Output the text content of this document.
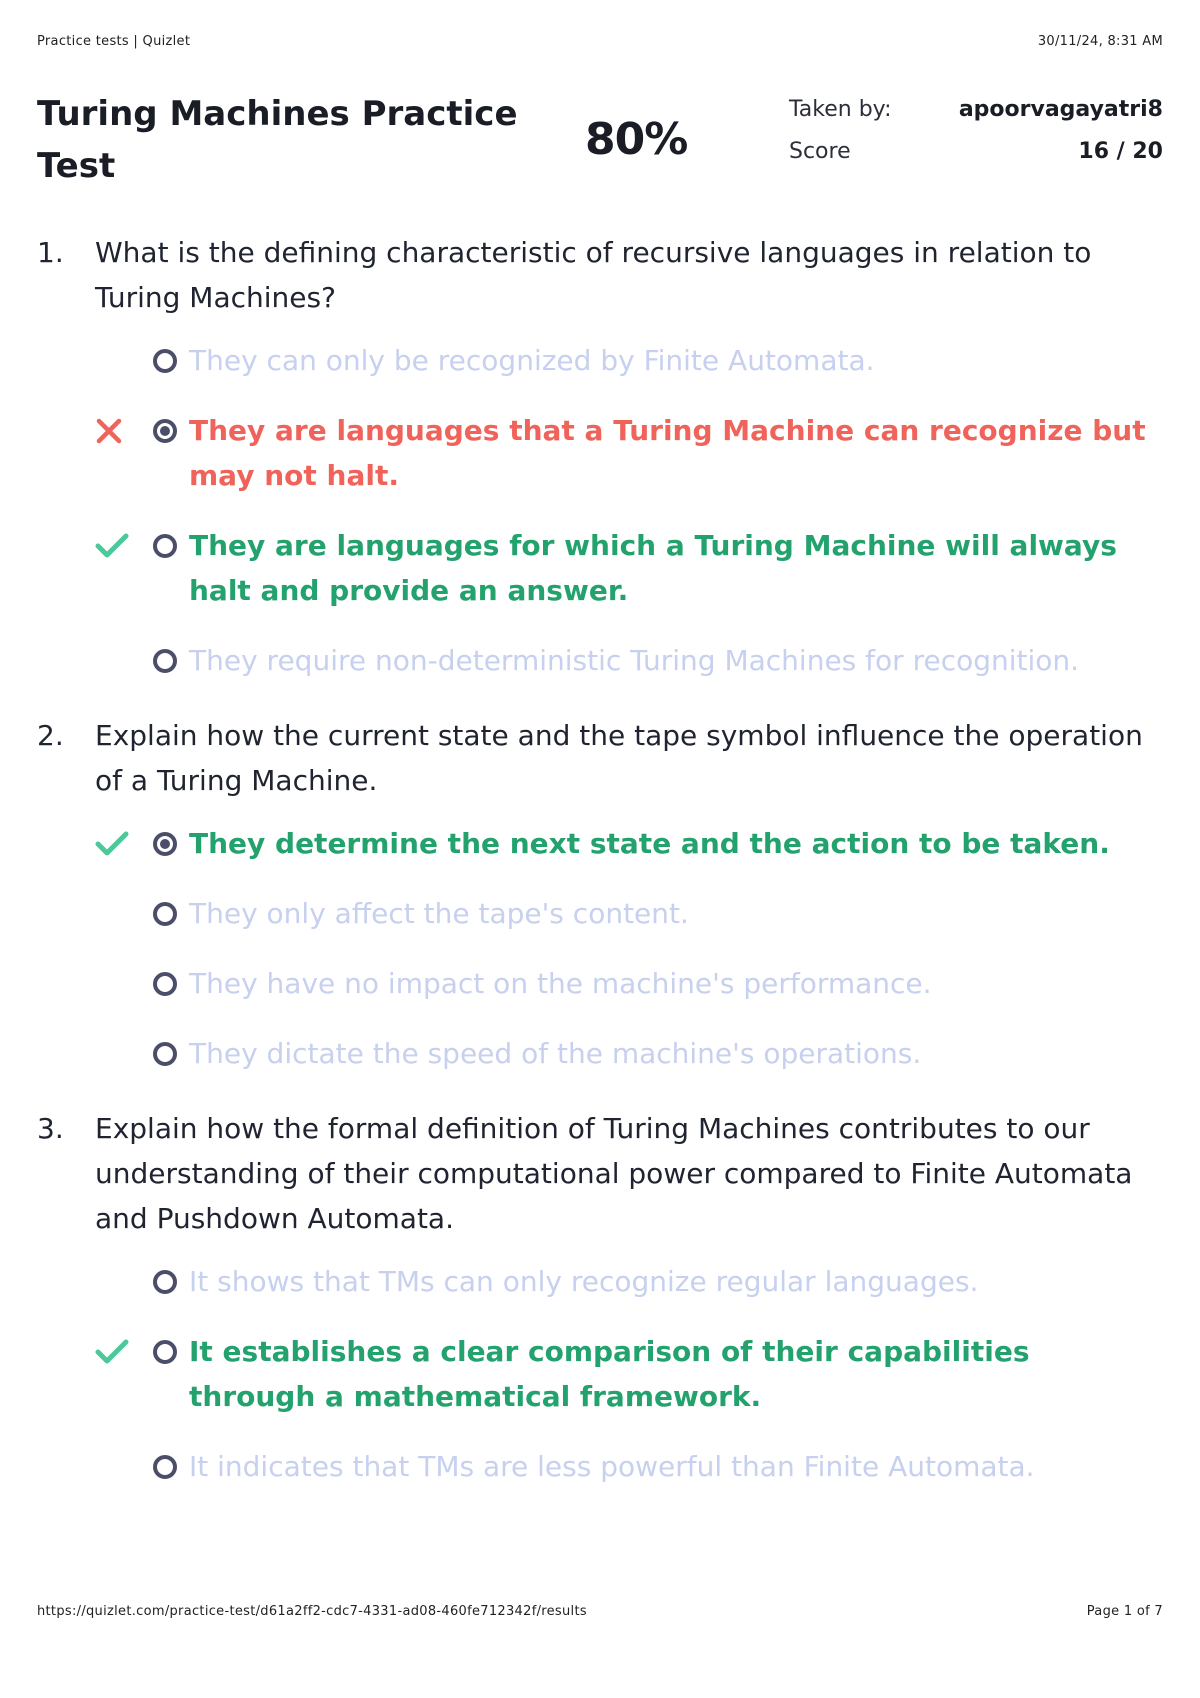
Practice tests | Quizlet	30/11/24, 8:31 AM
Turing Machines Practice Test
80%
Taken by:	apoorvagayatri8
Score	16 / 20
1.	What is the defining characteristic of recursive languages in relation to Turing Machines?
They can only be recognized by Finite Automata.
They are languages that a Turing Machine can recognize but may not halt.
They are languages for which a Turing Machine will always halt and provide an answer.
They require non-deterministic Turing Machines for recognition.
2.	Explain how the current state and the tape symbol influence the operation of a Turing Machine.
They determine the next state and the action to be taken.
They only affect the tape's content.
They have no impact on the machine's performance.
They dictate the speed of the machine's operations.
3.	Explain how the formal definition of Turing Machines contributes to our understanding of their computational power compared to Finite Automata and Pushdown Automata.
It shows that TMs can only recognize regular languages.
It establishes a clear comparison of their capabilities through a mathematical framework.
It indicates that TMs are less powerful than Finite Automata.
https://quizlet.com/practice-test/d61a2ff2-cdc7-4331-ad08-460fe712342f/results	Page 1 of 7
